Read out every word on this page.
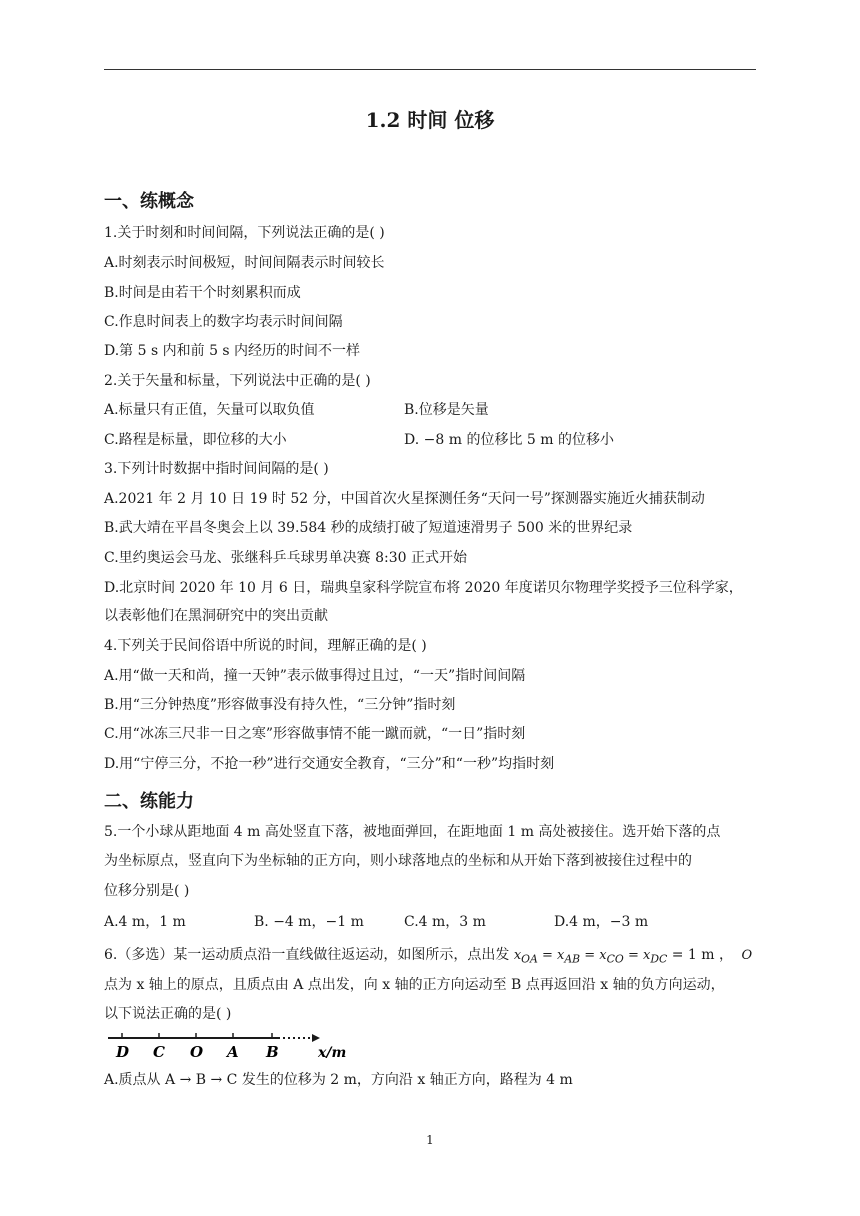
1.2 时间 位移
一、练概念
1.关于时刻和时间间隔，下列说法正确的是( )
A.时刻表示时间极短，时间间隔表示时间较长
B.时间是由若干个时刻累积而成
C.作息时间表上的数字均表示时间间隔
D.第 5 s 内和前 5 s 内经历的时间不一样
2.关于矢量和标量，下列说法中正确的是( )
A.标量只有正值，矢量可以取负值	B.位移是矢量
C.路程是标量，即位移的大小	D. −8 m 的位移比 5 m 的位移小
3.下列计时数据中指时间间隔的是( )
A.2021 年 2 月 10 日 19 时 52 分，中国首次火星探测任务“天问一号”探测器实施近火捕获制动
B.武大靖在平昌冬奥会上以 39.584 秒的成绩打破了短道速滑男子 500 米的世界纪录
C.里约奥运会马龙、张继科乒乓球男单决赛 8:30 正式开始
D.北京时间 2020 年 10 月 6 日，瑞典皇家科学院宣布将 2020 年度诺贝尔物理学奖授予三位科学家，
以表彰他们在黑洞研究中的突出贡献
4.下列关于民间俗语中所说的时间，理解正确的是( )
A.用“做一天和尚，撞一天钟”表示做事得过且过，“一天”指时间间隔
B.用“三分钟热度”形容做事没有持久性，“三分钟”指时刻
C.用“冰冻三尺非一日之寒”形容做事情不能一蹴而就，“一日”指时刻
D.用“宁停三分，不抢一秒”进行交通安全教育，“三分”和“一秒”均指时刻
二、练能力
5.一个小球从距地面 4 m 高处竖直下落，被地面弹回，在距地面 1 m 高处被接住。选开始下落的点
为坐标原点，竖直向下为坐标轴的正方向，则小球落地点的坐标和从开始下落到被接住过程中的
位移分别是( )
A.4 m，1 m	B. −4 m，−1 m	C.4 m，3 m	D.4 m，−3 m
6.（多选）某一运动质点沿一直线做往返运动，如图所示，点出发 $x_{OA} = x_{AB} = x_{CO} = x_{DC} = 1$ m ， O
点为 x 轴上的原点，且质点由 A 点出发，向 x 轴的正方向运动至 B 点再返回沿 x 轴的负方向运动，
以下说法正确的是( )
D C O A B	x/m
A.质点从 A → B → C 发生的位移为 2 m，方向沿 x 轴正方向，路程为 4 m
1
